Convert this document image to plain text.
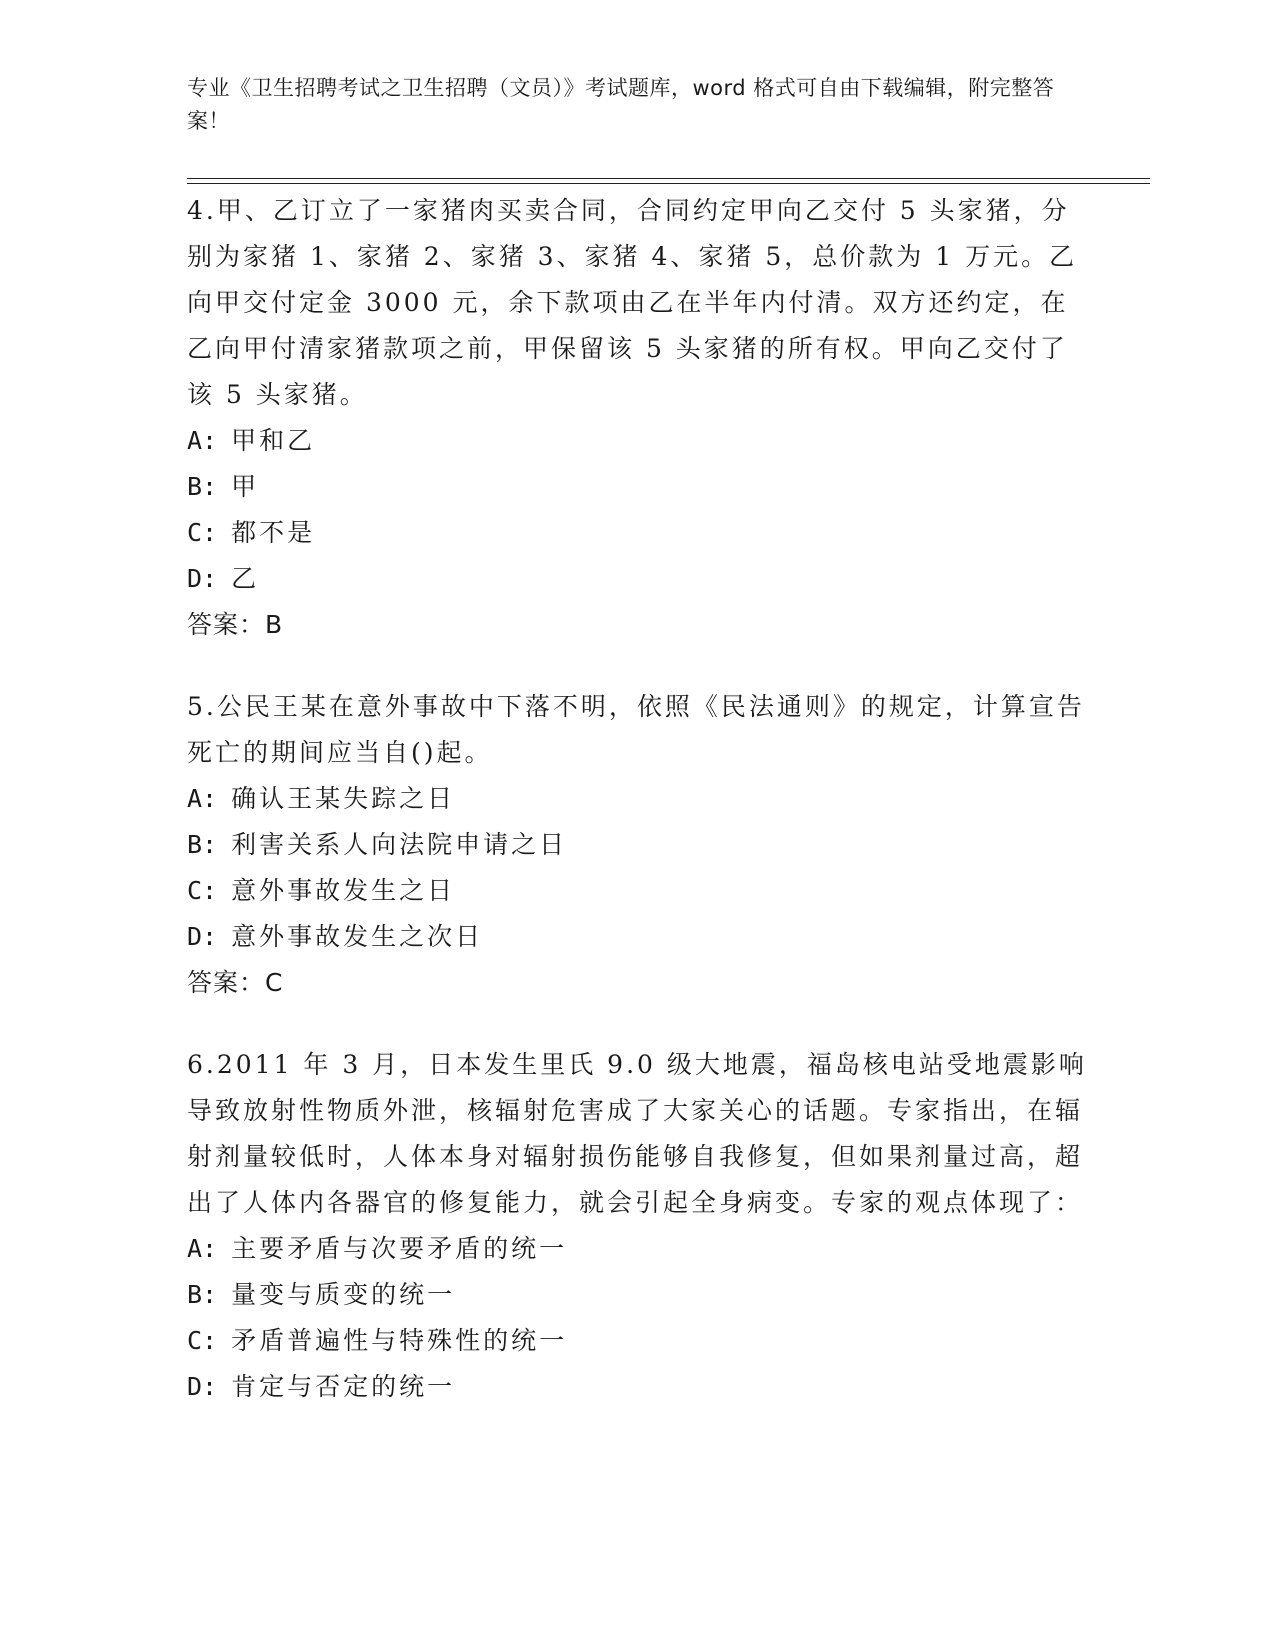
专业《卫生招聘考试之卫生招聘（文员）》考试题库，word 格式可自由下载编辑，附完整答案！
4.甲、乙订立了一家猪肉买卖合同，合同约定甲向乙交付 5 头家猪，分别为家猪 1、家猪 2、家猪 3、家猪 4、家猪 5，总价款为 1 万元。乙向甲交付定金 3000 元，余下款项由乙在半年内付清。双方还约定，在乙向甲付清家猪款项之前，甲保留该 5 头家猪的所有权。甲向乙交付了该 5 头家猪。
A: 甲和乙
B: 甲
C: 都不是
D: 乙
答案：B
5.公民王某在意外事故中下落不明，依照《民法通则》的规定，计算宣告死亡的期间应当自()起。
A: 确认王某失踪之日
B: 利害关系人向法院申请之日
C: 意外事故发生之日
D: 意外事故发生之次日
答案：C
6.2011 年 3 月，日本发生里氏 9.0 级大地震，福岛核电站受地震影响导致放射性物质外泄，核辐射危害成了大家关心的话题。专家指出，在辐射剂量较低时，人体本身对辐射损伤能够自我修复，但如果剂量过高，超出了人体内各器官的修复能力，就会引起全身病变。专家的观点体现了：
A: 主要矛盾与次要矛盾的统一
B: 量变与质变的统一
C: 矛盾普遍性与特殊性的统一
D: 肯定与否定的统一
